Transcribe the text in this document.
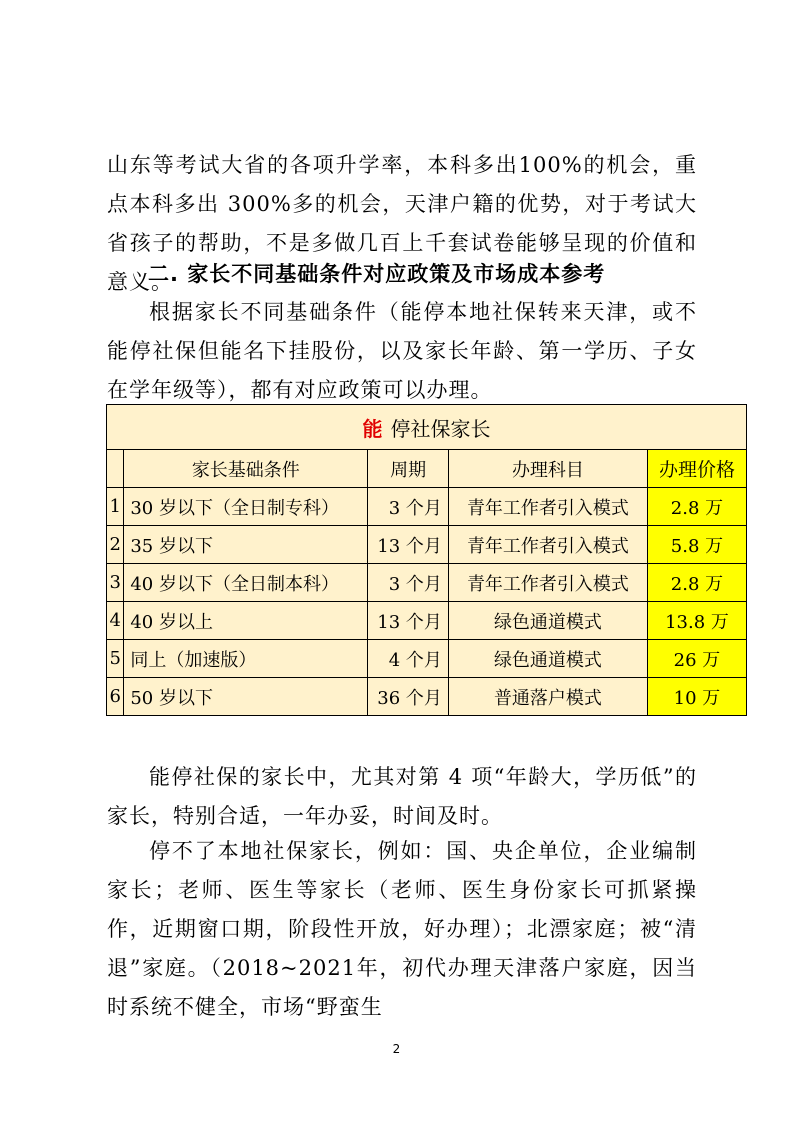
山东等考试大省的各项升学率，本科多出100%的机会，重点本科多出 300%多的机会，天津户籍的优势，对于考试大省孩子的帮助，不是多做几百上千套试卷能够呈现的价值和意义。

二. 家长不同基础条件对应政策及市场成本参考

根据家长不同基础条件（能停本地社保转来天津，或不能停社保但能名下挂股份，以及家长年龄、第一学历、子女在学年级等），都有对应政策可以办理。

能 停社保家长				
	家长基础条件	周期	办理科目	办理价格
1	30 岁以下（全日制专科）	3 个月	青年工作者引入模式	2.8 万
2	35 岁以下	13 个月	青年工作者引入模式	5.8 万
3	40 岁以下（全日制本科）	3 个月	青年工作者引入模式	2.8 万
4	40 岁以上	13 个月	绿色通道模式	13.8 万
5	同上（加速版）	4 个月	绿色通道模式	26 万
6	50 岁以下	36 个月	普通落户模式	10 万

能停社保的家长中，尤其对第 4 项“年龄大，学历低”的家长，特别合适，一年办妥，时间及时。

停不了本地社保家长，例如：国、央企单位，企业编制家长；老师、医生等家长（老师、医生身份家长可抓紧操作，近期窗口期，阶段性开放，好办理）；北漂家庭；被“清退”家庭。（2018~2021年，初代办理天津落户家庭，因当时系统不健全，市场“野蛮生

2
